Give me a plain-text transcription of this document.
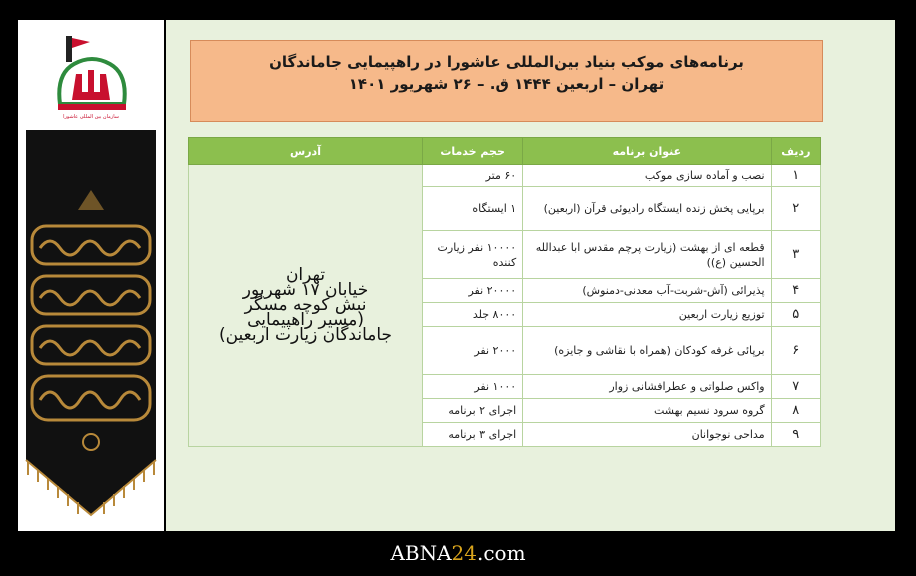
سازمان بین المللی عاشورا
برنامه‌های موکب بنیاد بین‌المللی عاشورا در راهپیمایی جاماندگان
تهران – اربعین ۱۴۴۴ ق. – ۲۶ شهریور ۱۴۰۱
ردیف	عنوان برنامه	حجم خدمات	آدرس
۱	نصب و آماده سازی موکب	۶۰ متر	تهران
خیابان ۱۷ شهریور
نبش کوچه مسگر
(مسیر راهپیمایی
جاماندگان زیارت اربعین)

۲	برپایی پخش زنده ایستگاه رادیوئی قرآن (اربعین)	۱ ایستگاه	
۳	قطعه ای از بهشت (زیارت پرچم مقدس ابا عبدالله الحسین (ع))	۱۰۰۰۰ نفر زیارت کننده	
۴	پذیرائی (آش-شربت-آب معدنی-دمنوش)	۲۰۰۰۰ نفر	
۵	توزیع زیارت اربعین	۸۰۰۰ جلد	
۶	برپائی غرفه کودکان (همراه با نقاشی و جایزه)	۲۰۰۰ نفر	
۷	واکس صلواتی و عطرافشانی زوار	۱۰۰۰ نفر	
۸	گروه سرود نسیم بهشت	اجرای ۲ برنامه	
۹	مداحی نوجوانان	اجرای ۳ برنامه	
ABNA24.com
